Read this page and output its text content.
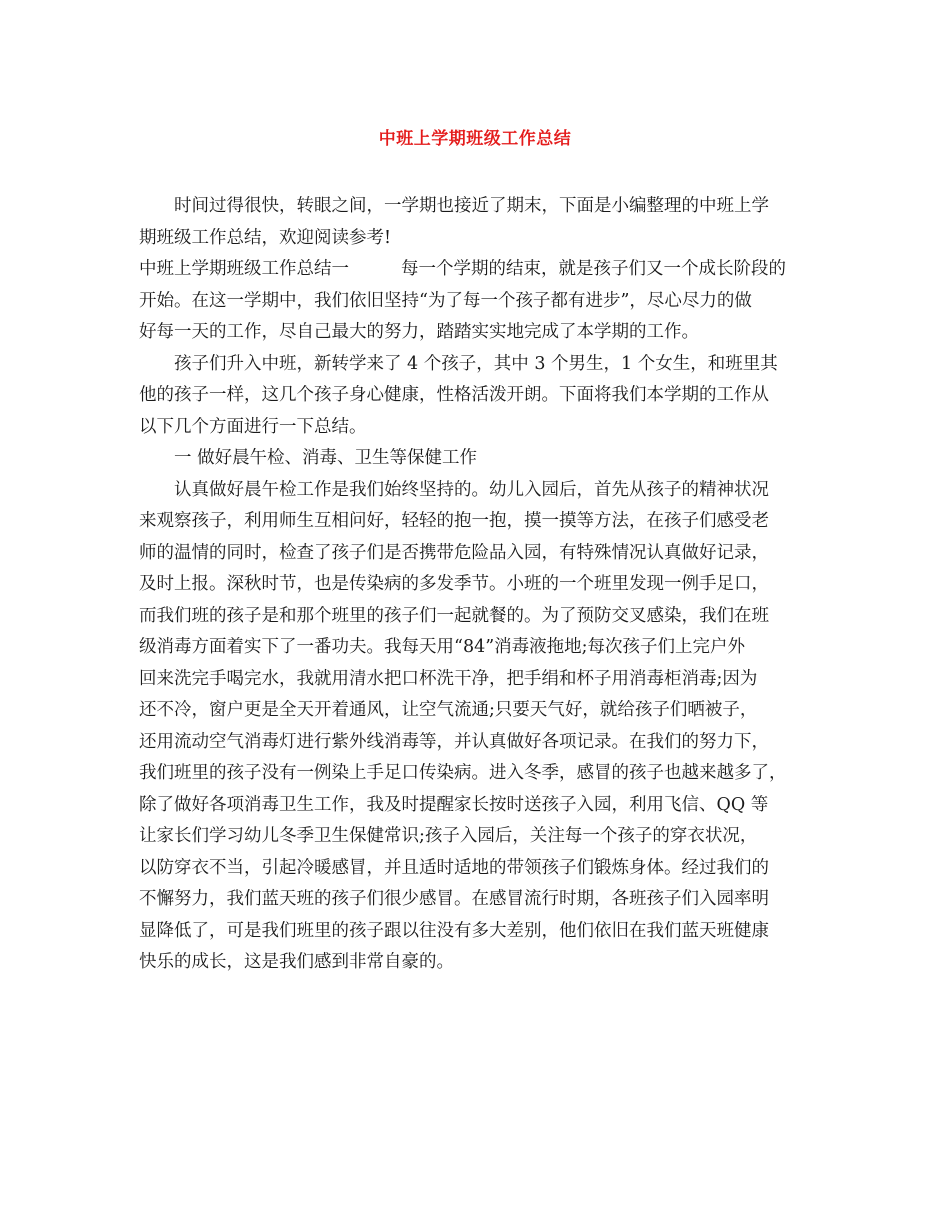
中班上学期班级工作总结
时间过得很快，转眼之间，一学期也接近了期末，下面是小编整理的中班上学
期班级工作总结，欢迎阅读参考!
中班上学期班级工作总结一	每一个学期的结束，就是孩子们又一个成长阶段的
开始。在这一学期中，我们依旧坚持“为了每一个孩子都有进步”，尽心尽力的做
好每一天的工作，尽自己最大的努力，踏踏实实地完成了本学期的工作。
孩子们升入中班，新转学来了 4 个孩子，其中 3 个男生，1 个女生，和班里其
他的孩子一样，这几个孩子身心健康，性格活泼开朗。下面将我们本学期的工作从
以下几个方面进行一下总结。
一 做好晨午检、消毒、卫生等保健工作
认真做好晨午检工作是我们始终坚持的。幼儿入园后，首先从孩子的精神状况
来观察孩子，利用师生互相问好，轻轻的抱一抱，摸一摸等方法，在孩子们感受老
师的温情的同时，检查了孩子们是否携带危险品入园，有特殊情况认真做好记录，
及时上报。深秋时节，也是传染病的多发季节。小班的一个班里发现一例手足口，
而我们班的孩子是和那个班里的孩子们一起就餐的。为了预防交叉感染，我们在班
级消毒方面着实下了一番功夫。我每天用“84”消毒液拖地;每次孩子们上完户外
回来洗完手喝完水，我就用清水把口杯洗干净，把手绢和杯子用消毒柜消毒;因为
还不冷，窗户更是全天开着通风，让空气流通;只要天气好，就给孩子们晒被子，
还用流动空气消毒灯进行紫外线消毒等，并认真做好各项记录。在我们的努力下，
我们班里的孩子没有一例染上手足口传染病。进入冬季，感冒的孩子也越来越多了，
除了做好各项消毒卫生工作，我及时提醒家长按时送孩子入园，利用飞信、QQ 等
让家长们学习幼儿冬季卫生保健常识;孩子入园后，关注每一个孩子的穿衣状况，
以防穿衣不当，引起冷暖感冒，并且适时适地的带领孩子们锻炼身体。经过我们的
不懈努力，我们蓝天班的孩子们很少感冒。在感冒流行时期，各班孩子们入园率明
显降低了，可是我们班里的孩子跟以往没有多大差别，他们依旧在我们蓝天班健康
快乐的成长，这是我们感到非常自豪的。
